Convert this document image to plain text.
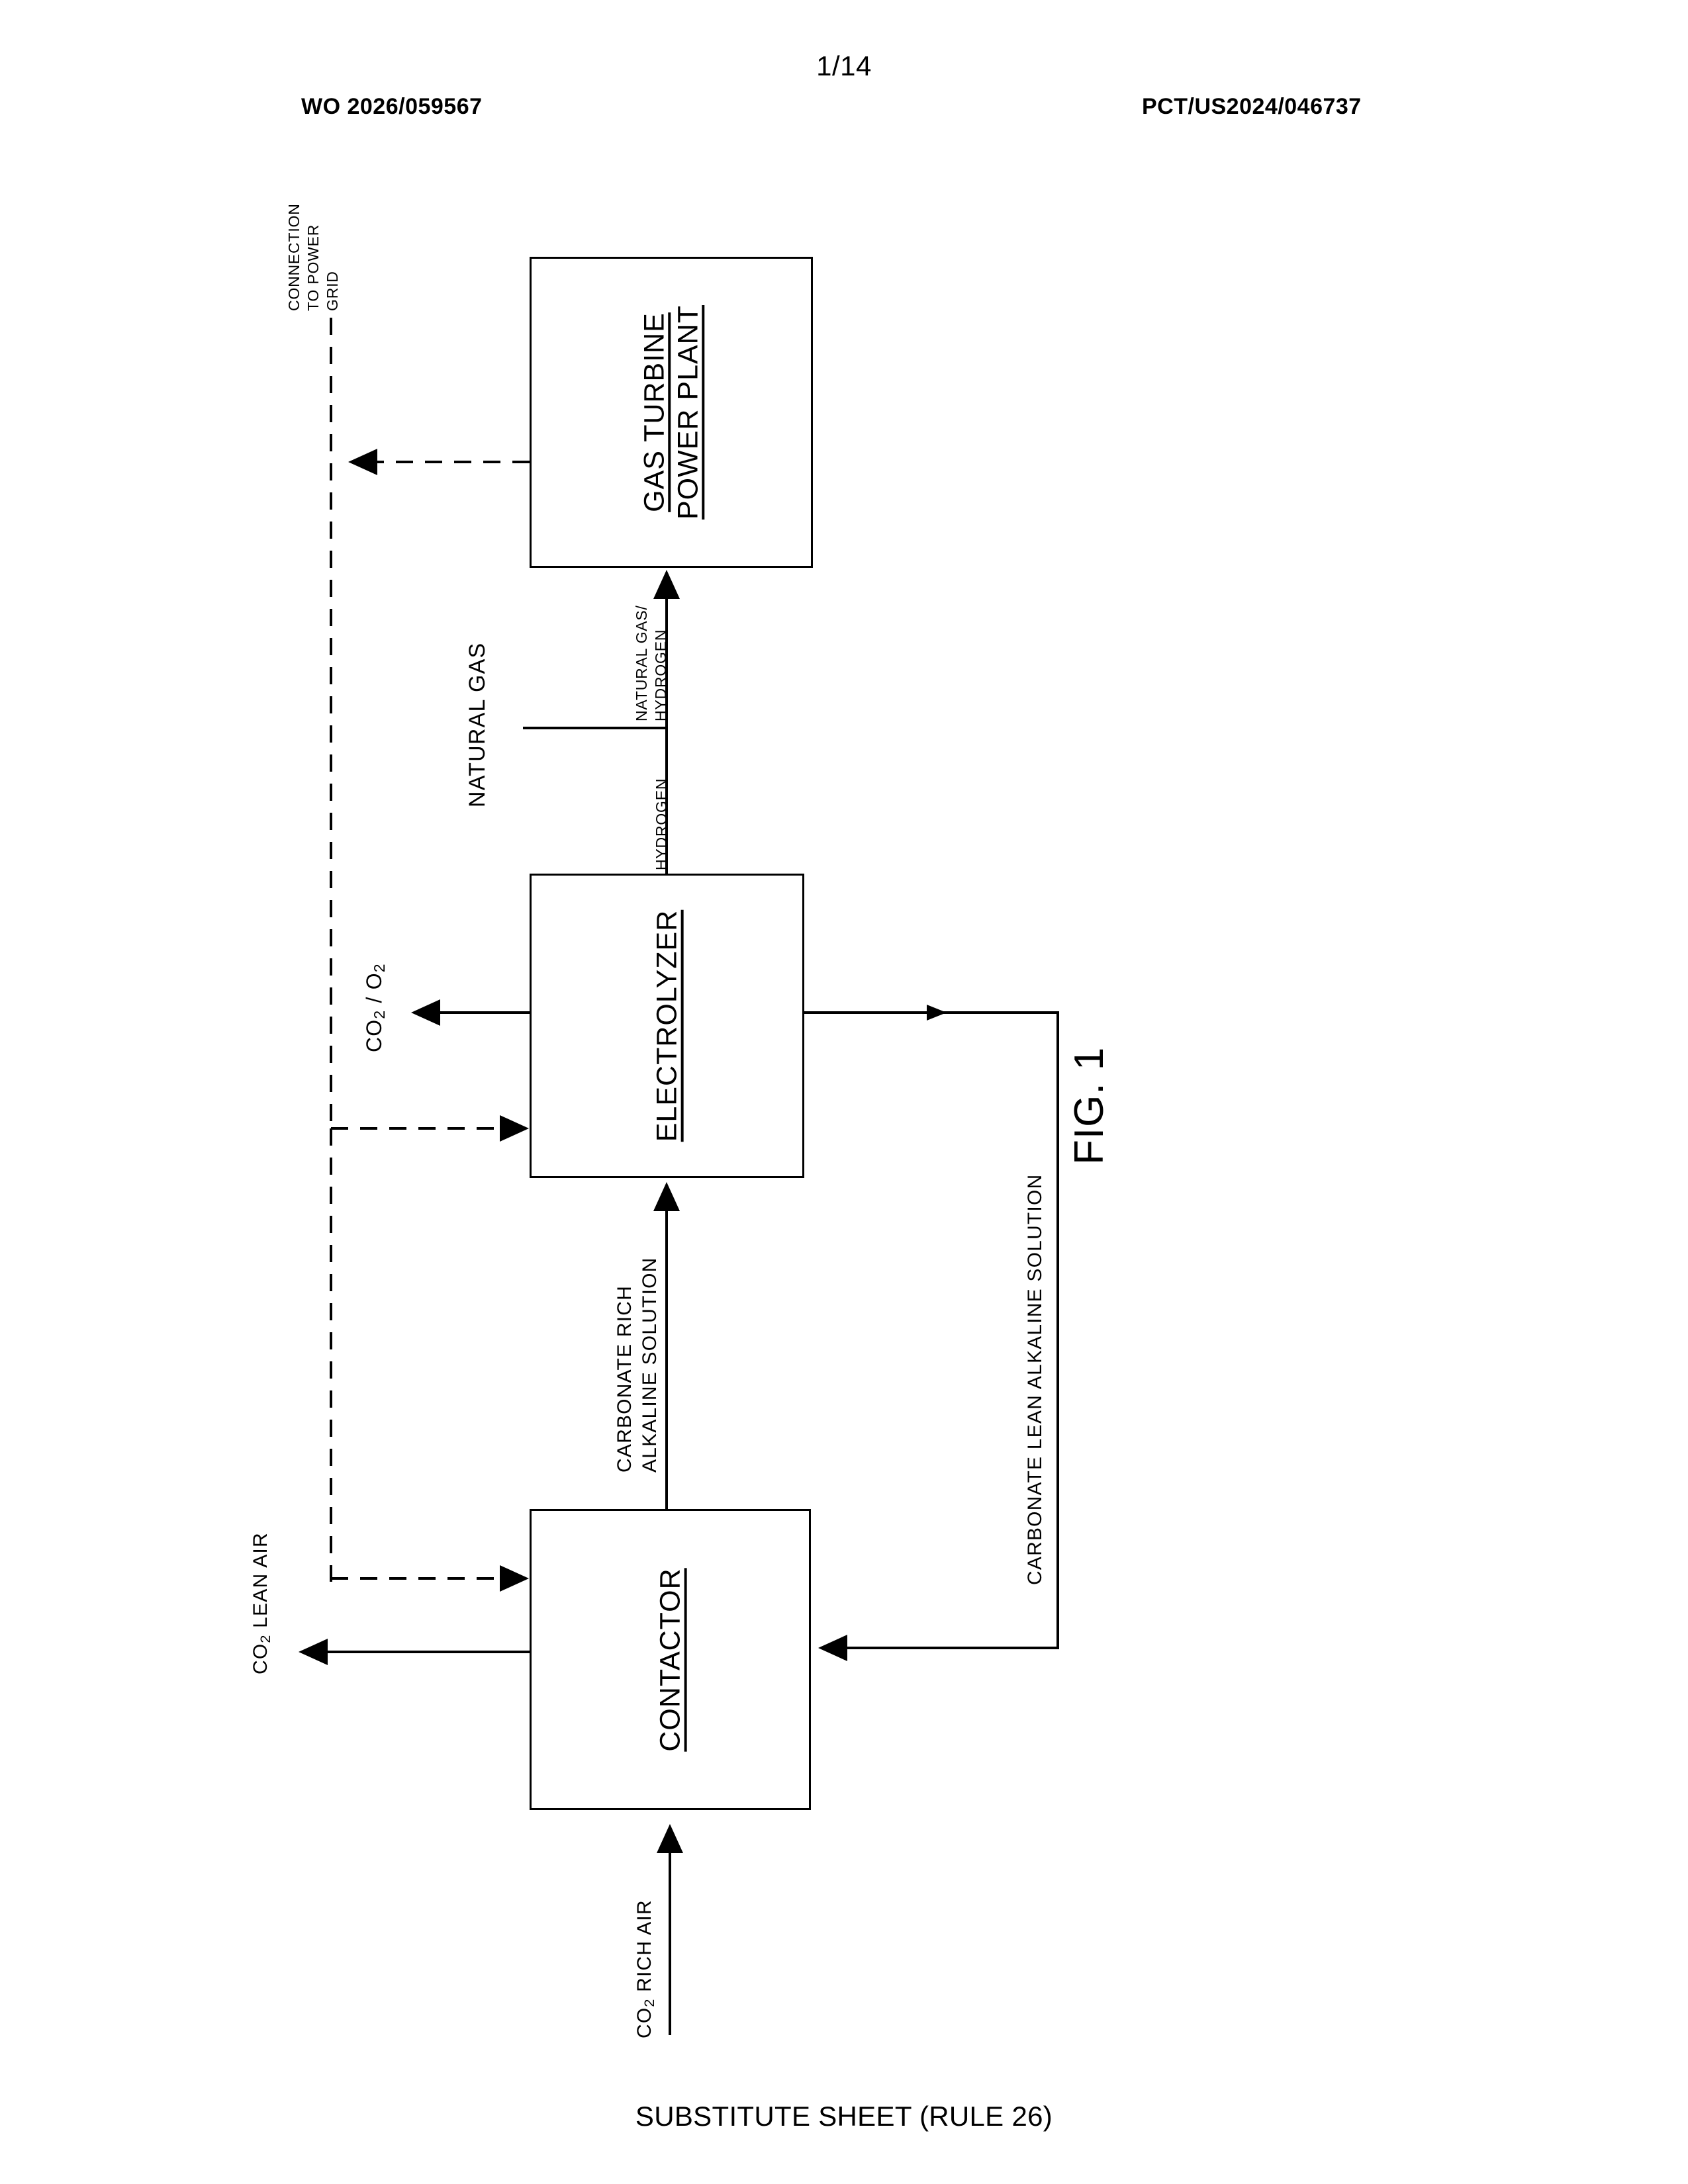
1/14
WO 2026/059567	PCT/US2024/046737
GAS TURBINE
POWER PLANT
ELECTROLYZER
CONTACTOR
CONNECTION TO POWER GRID
NATURAL GAS	NATURAL GAS/ HYDROGEN
HYDROGEN
$CO_2 / O_2$
CARBONATE RICH ALKALINE SOLUTION	CARBONATE LEAN ALKALINE SOLUTION
$CO_2$ LEAN AIR
$CO_2$ RICH AIR
FIG. 1
SUBSTITUTE SHEET (RULE 26)
